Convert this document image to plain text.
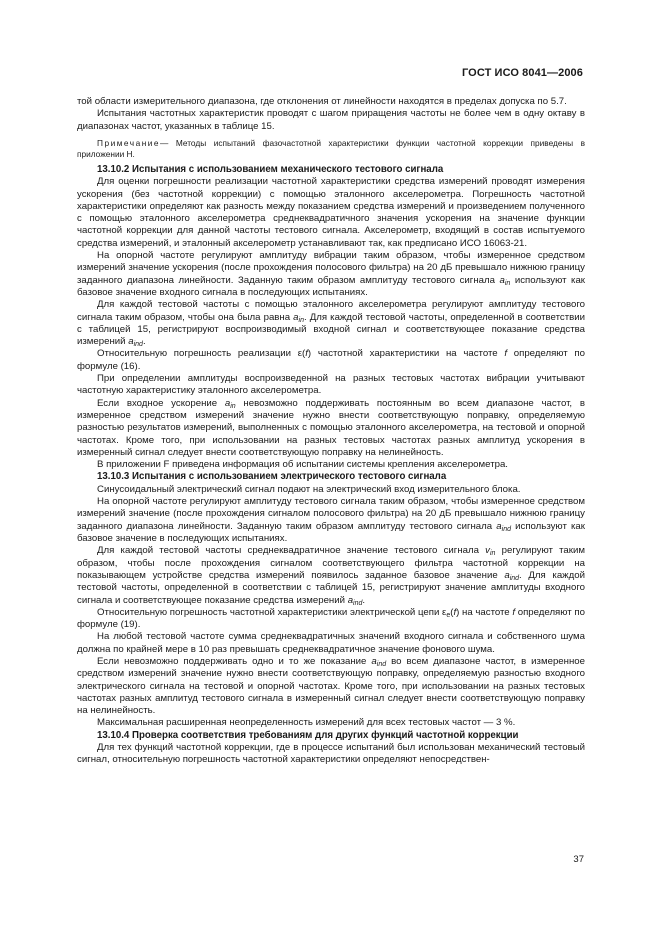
ГОСТ ИСО 8041—2006

той области измерительного диапазона, где отклонения от линейности находятся в пределах допуска по 5.7.

Испытания частотных характеристик проводят с шагом приращения частоты не более чем в одну октаву в диапазонах частот, указанных в таблице 15.

Примечание— Методы испытаний фазочастотной характеристики функции частотной коррекции приведены в приложении Н.

13.10.2 Испытания с использованием механического тестового сигнала

Для оценки погрешности реализации частотной характеристики средства измерений проводят измерения ускорения (без частотной коррекции) с помощью эталонного акселерометра. Погрешность частотной характеристики определяют как разность между показанием средства измерений и произведением полученного с помощью эталонного акселерометра среднеквадратичного значения ускорения на значение функции частотной коррекции для данной частоты тестового сигнала. Акселерометр, входящий в состав испытуемого средства измерений, и эталонный акселерометр устанавливают так, как предписано ИСО 16063-21.

На опорной частоте регулируют амплитуду вибрации таким образом, чтобы измеренное средством измерений значение ускорения (после прохождения полосового фильтра) на 20 дБ превышало нижнюю границу заданного диапазона линейности. Заданную таким образом амплитуду тестового сигнала $a_{in}$ используют как базовое значение входного сигнала в последующих испытаниях.

Для каждой тестовой частоты с помощью эталонного акселерометра регулируют амплитуду тестового сигнала таким образом, чтобы она была равна $a_{in}$. Для каждой тестовой частоты, определенной в соответствии с таблицей 15, регистрируют воспроизводимый входной сигнал и соответствующее показание средства измерений $a_{ind}$.

Относительную погрешность реализации ε(f) частотной характеристики на частоте f определяют по формуле (16).

При определении амплитуды воспроизведенной на разных тестовых частотах вибрации учитывают частотную характеристику эталонного акселерометра.

Если входное ускорение $a_{in}$ невозможно поддерживать постоянным во всем диапазоне частот, в измеренное средством измерений значение нужно внести соответствующую поправку, определяемую разностью результатов измерений, выполненных с помощью эталонного акселерометра, на тестовой и опорной частотах. Кроме того, при использовании на разных тестовых частотах разных амплитуд ускорения в измеренный сигнал следует внести соответствующую поправку на нелинейность.

В приложении F приведена информация об испытании системы крепления акселерометра.

13.10.3 Испытания с использованием электрического тестового сигнала

Синусоидальный электрический сигнал подают на электрический вход измерительного блока.

На опорной частоте регулируют амплитуду тестового сигнала таким образом, чтобы измеренное средством измерений значение (после прохождения сигналом полосового фильтра) на 20 дБ превышало нижнюю границу заданного диапазона линейности. Заданную таким образом амплитуду тестового сигнала $a_{ind}$ используют как базовое значение в последующих испытаниях.

Для каждой тестовой частоты среднеквадратичное значение тестового сигнала $v_{in}$ регулируют таким образом, чтобы после прохождения сигналом соответствующего фильтра частотной коррекции на показывающем устройстве средства измерений появилось заданное базовое значение $a_{ind}$. Для каждой тестовой частоты, определенной в соответствии с таблицей 15, регистрируют значение амплитуды входного сигнала и соответствующее показание средства измерений $a_{ind}$.

Относительную погрешность частотной характеристики электрической цепи $\varepsilon_e(f)$ на частоте f определяют по формуле (19).

На любой тестовой частоте сумма среднеквадратичных значений входного сигнала и собственного шума должна по крайней мере в 10 раз превышать среднеквадратичное значение фонового шума.

Если невозможно поддерживать одно и то же показание $a_{ind}$ во всем диапазоне частот, в измеренное средством измерений значение нужно внести соответствующую поправку, определяемую разностью входного электрического сигнала на тестовой и опорной частотах. Кроме того, при использовании на разных тестовых частотах разных амплитуд тестового сигнала в измеренный сигнал следует внести соответствующую поправку на нелинейность.

Максимальная расширенная неопределенность измерений для всех тестовых частот — 3 %.

13.10.4 Проверка соответствия требованиям для других функций частотной коррекции

Для тех функций частотной коррекции, где в процессе испытаний был использован механический тестовый сигнал, относительную погрешность частотной характеристики определяют непосредствен-

37
